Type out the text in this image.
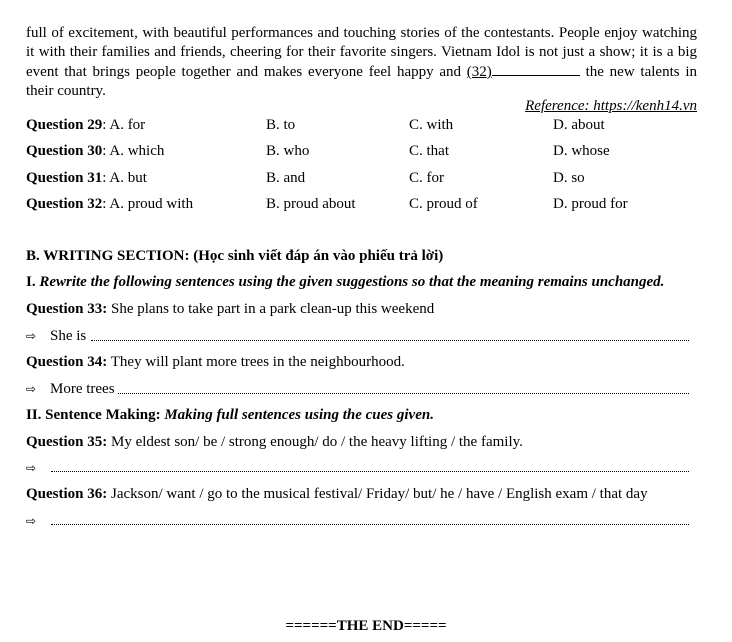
full of excitement, with beautiful performances and touching stories of the contestants. People enjoy watching it with their families and friends, cheering for their favorite singers. Vietnam Idol is not just a show; it is a big event that brings people together and makes everyone feel happy and (32)	the new talents in their country.
Reference: https://kenh14.vn
Question 29: A. for	B. to	C. with	D. about
Question 30: A. which	B. who	C. that	D. whose
Question 31: A. but	B. and	C. for	D. so
Question 32: A. proud with	B. proud about	C. proud of	D. proud for
B. WRITING SECTION: (Học sinh viết đáp án vào phiếu trả lời)
I. Rewrite the following sentences using the given suggestions so that the meaning remains unchanged.
Question 33: She plans to take part in a park clean-up this weekend
⇨ She is
Question 34: They will plant more trees in the neighbourhood.
⇨ More trees
II. Sentence Making: Making full sentences using the cues given.
Question 35: My eldest son/ be / strong enough/ do / the heavy lifting / the family.
⇨
Question 36: Jackson/ want / go to the musical festival/ Friday/ but/ he / have / English exam / that day
⇨
======THE END=====
